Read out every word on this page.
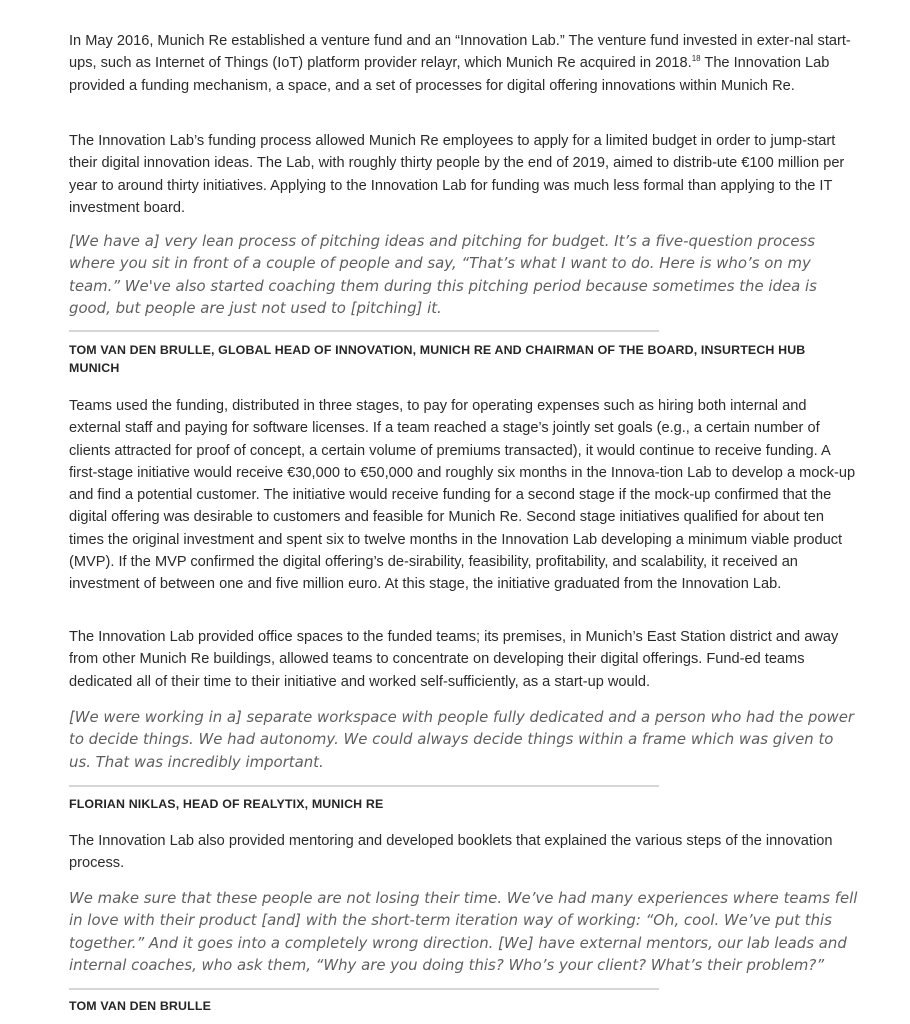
In May 2016, Munich Re established a venture fund and an “Innovation Lab.” The venture fund invested in exter-nal start-ups, such as Internet of Things (IoT) platform provider relayr, which Munich Re acquired in 2018.18 The Innovation Lab provided a funding mechanism, a space, and a set of processes for digital offering innovations within Munich Re.

The Innovation Lab’s funding process allowed Munich Re employees to apply for a limited budget in order to jump-start their digital innovation ideas. The Lab, with roughly thirty people by the end of 2019, aimed to distrib-ute €100 million per year to around thirty initiatives. Applying to the Innovation Lab for funding was much less formal than applying to the IT investment board.

[We have a] very lean process of pitching ideas and pitching for budget. It’s a five-question process where you sit in front of a couple of people and say, “That’s what I want to do. Here is who’s on my team.” We've also started coaching them during this pitching period because sometimes the idea is good, but people are just not used to [pitching] it.

TOM VAN DEN BRULLE, GLOBAL HEAD OF INNOVATION, MUNICH RE AND CHAIRMAN OF THE BOARD, INSURTECH HUB MUNICH

Teams used the funding, distributed in three stages, to pay for operating expenses such as hiring both internal and external staff and paying for software licenses. If a team reached a stage’s jointly set goals (e.g., a certain number of clients attracted for proof of concept, a certain volume of premiums transacted), it would continue to receive funding. A first-stage initiative would receive €30,000 to €50,000 and roughly six months in the Innova-tion Lab to develop a mock-up and find a potential customer. The initiative would receive funding for a second stage if the mock-up confirmed that the digital offering was desirable to customers and feasible for Munich Re. Second stage initiatives qualified for about ten times the original investment and spent six to twelve months in the Innovation Lab developing a minimum viable product (MVP). If the MVP confirmed the digital offering’s de-sirability, feasibility, profitability, and scalability, it received an investment of between one and five million euro. At this stage, the initiative graduated from the Innovation Lab.

The Innovation Lab provided office spaces to the funded teams; its premises, in Munich’s East Station district and away from other Munich Re buildings, allowed teams to concentrate on developing their digital offerings. Fund-ed teams dedicated all of their time to their initiative and worked self-sufficiently, as a start-up would.

[We were working in a] separate workspace with people fully dedicated and a person who had the power to decide things. We had autonomy. We could always decide things within a frame which was given to us. That was incredibly important.

FLORIAN NIKLAS, HEAD OF REALYTIX, MUNICH RE

The Innovation Lab also provided mentoring and developed booklets that explained the various steps of the innovation process.

We make sure that these people are not losing their time. We’ve had many experiences where teams fell in love with their product [and] with the short-term iteration way of working: “Oh, cool. We’ve put this together.” And it goes into a completely wrong direction. [We] have external mentors, our lab leads and internal coaches, who ask them, “Why are you doing this? Who’s your client? What’s their problem?”

TOM VAN DEN BRULLE
